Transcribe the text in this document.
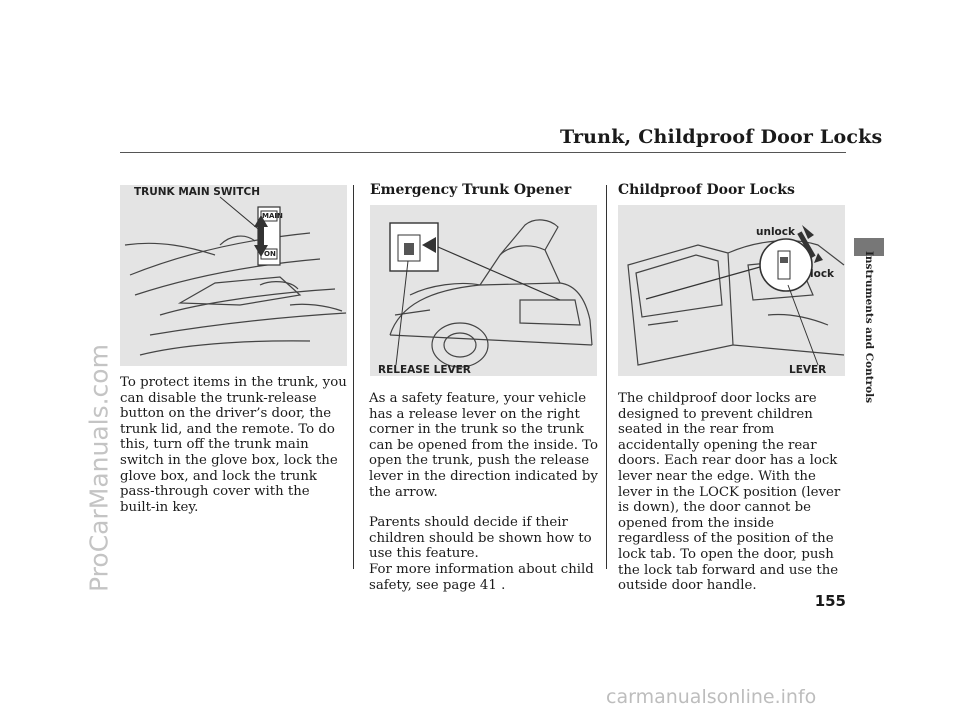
Trunk, Childproof Door Locks
TRUNK MAIN SWITCH
MAIN
ON

To protect items in the trunk, you can disable the trunk-release button on the driver’s door, the trunk lid, and the remote. To do this, turn off the trunk main switch in the glove box, lock the glove box, and lock the trunk pass-through cover with the built-in key.

Emergency Trunk Opener
RELEASE LEVER

As a safety feature, your vehicle has a release lever on the right corner in the trunk so the trunk can be opened from the inside. To open the trunk, push the release lever in the direction indicated by the arrow.

Parents should decide if their children should be shown how to use this feature.

For more information about child safety, see page 41 .

Childproof Door Locks
unlock
lock
LEVER

The childproof door locks are designed to prevent children seated in the rear from accidentally opening the rear doors. Each rear door has a lock lever near the edge. With the lever in the LOCK position (lever is down), the door cannot be opened from the inside regardless of the position of the lock tab. To open the door, push the lock tab forward and use the outside door handle.

Instruments and Controls
155
ProCarManuals.com
carmanualsonline.info
